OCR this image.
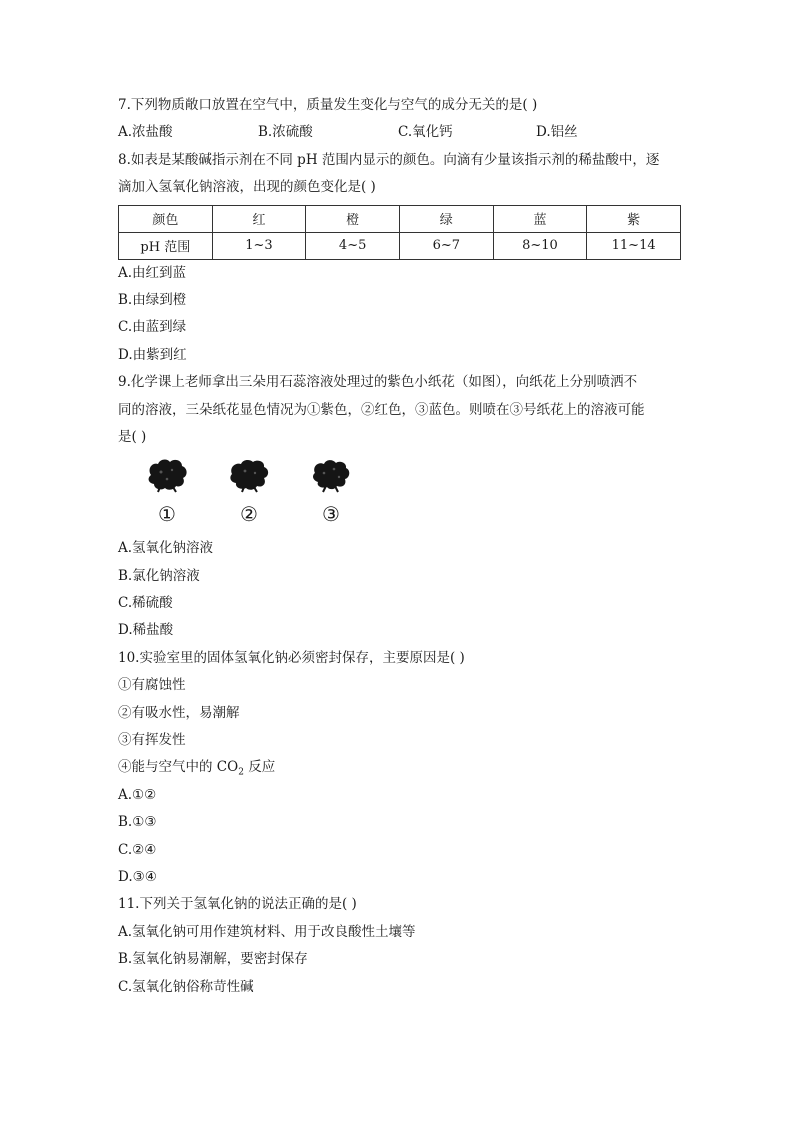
7.下列物质敞口放置在空气中，质量发生变化与空气的成分无关的是( )
A.浓盐酸	B.浓硫酸	C.氧化钙	D.铝丝
8.如表是某酸碱指示剂在不同 pH 范围内显示的颜色。向滴有少量该指示剂的稀盐酸中，逐
滴加入氢氧化钠溶液，出现的颜色变化是( )
颜色	红	橙	绿	蓝	紫
pH 范围	1~3	4~5	6~7	8~10	11~14
A.由红到蓝
B.由绿到橙
C.由蓝到绿
D.由紫到红
9.化学课上老师拿出三朵用石蕊溶液处理过的紫色小纸花（如图），向纸花上分别喷洒不
同的溶液，三朵纸花显色情况为①紫色，②红色，③蓝色。则喷在③号纸花上的溶液可能
是( )
①	②	③
A.氢氧化钠溶液
B.氯化钠溶液
C.稀硫酸
D.稀盐酸
10.实验室里的固体氢氧化钠必须密封保存，主要原因是( )
①有腐蚀性
②有吸水性，易潮解
③有挥发性
④能与空气中的 $CO_2$ 反应
A.①②
B.①③
C.②④
D.③④
11.下列关于氢氧化钠的说法正确的是( )
A.氢氧化钠可用作建筑材料、用于改良酸性土壤等
B.氢氧化钠易潮解，要密封保存
C.氢氧化钠俗称苛性碱
